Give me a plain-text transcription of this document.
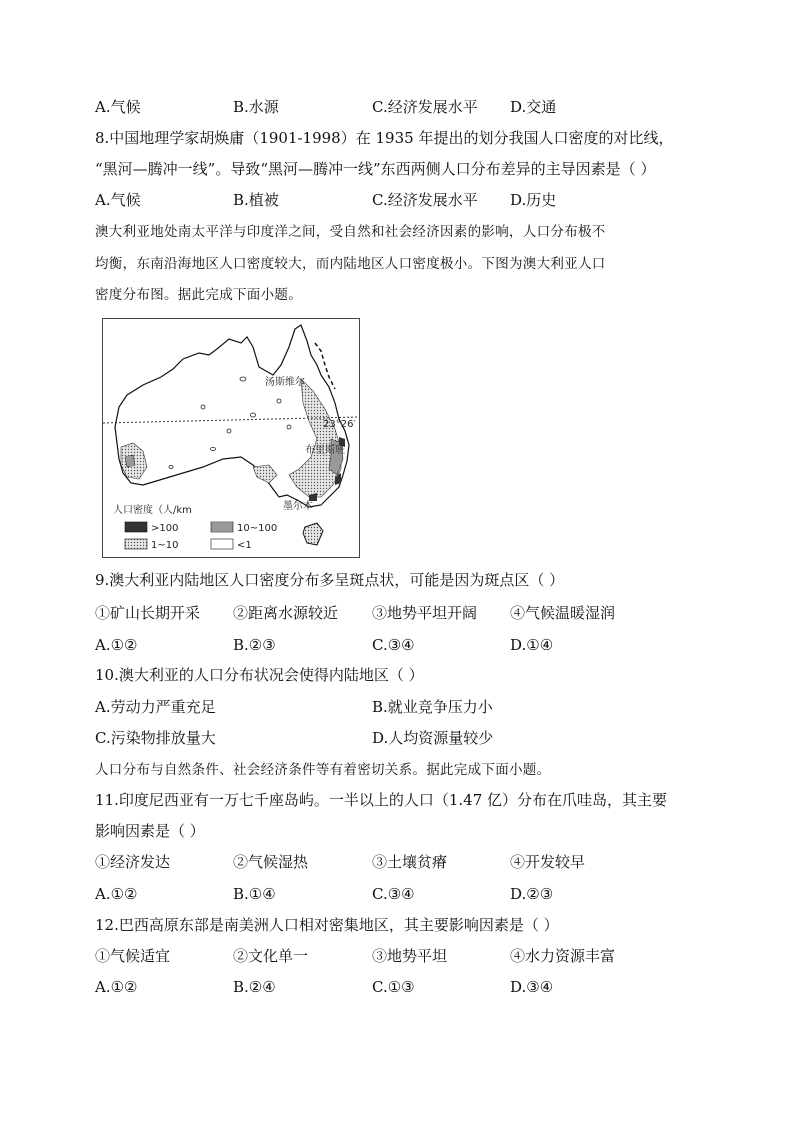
A.气候	B.水源	C.经济发展水平 D.交通
8.中国地理学家胡焕庸（1901-1998）在 1935 年提出的划分我国人口密度的对比线，
“黑河—腾冲一线”。导致“黑河—腾冲一线”东西两侧人口分布差异的主导因素是（ ）
A.气候	B.植被	C.经济发展水平 D.历史
澳大利亚地处南太平洋与印度洋之间，受自然和社会经济因素的影响，人口分布极不
均衡，东南沿海地区人口密度较大，而内陆地区人口密度极小。下图为澳大利亚人口
密度分布图。据此完成下面小题。
汤斯维尔
23°26′
布里斯班
墨尔本
人口密度（人/km
>100	10~100
1~10	<1
9.澳大利亚内陆地区人口密度分布多呈斑点状，可能是因为斑点区（ ）
①矿山长期开采 ②距离水源较近 ③地势平坦开阔 ④气候温暖湿润
A.①②	B.②③	C.③④	D.①④
10.澳大利亚的人口分布状况会使得内陆地区（ ）
A.劳动力严重充足	B.就业竞争压力小
C.污染物排放量大	D.人均资源量较少
人口分布与自然条件、社会经济条件等有着密切关系。据此完成下面小题。
11.印度尼西亚有一万七千座岛屿。一半以上的人口（1.47 亿）分布在爪哇岛，其主要
影响因素是（ ）
①经济发达	②气候湿热	③土壤贫瘠	④开发较早
A.①②	B.①④	C.③④	D.②③
12.巴西高原东部是南美洲人口相对密集地区，其主要影响因素是（ ）
①气候适宜	②文化单一	③地势平坦	④水力资源丰富
A.①②	B.②④	C.①③	D.③④
